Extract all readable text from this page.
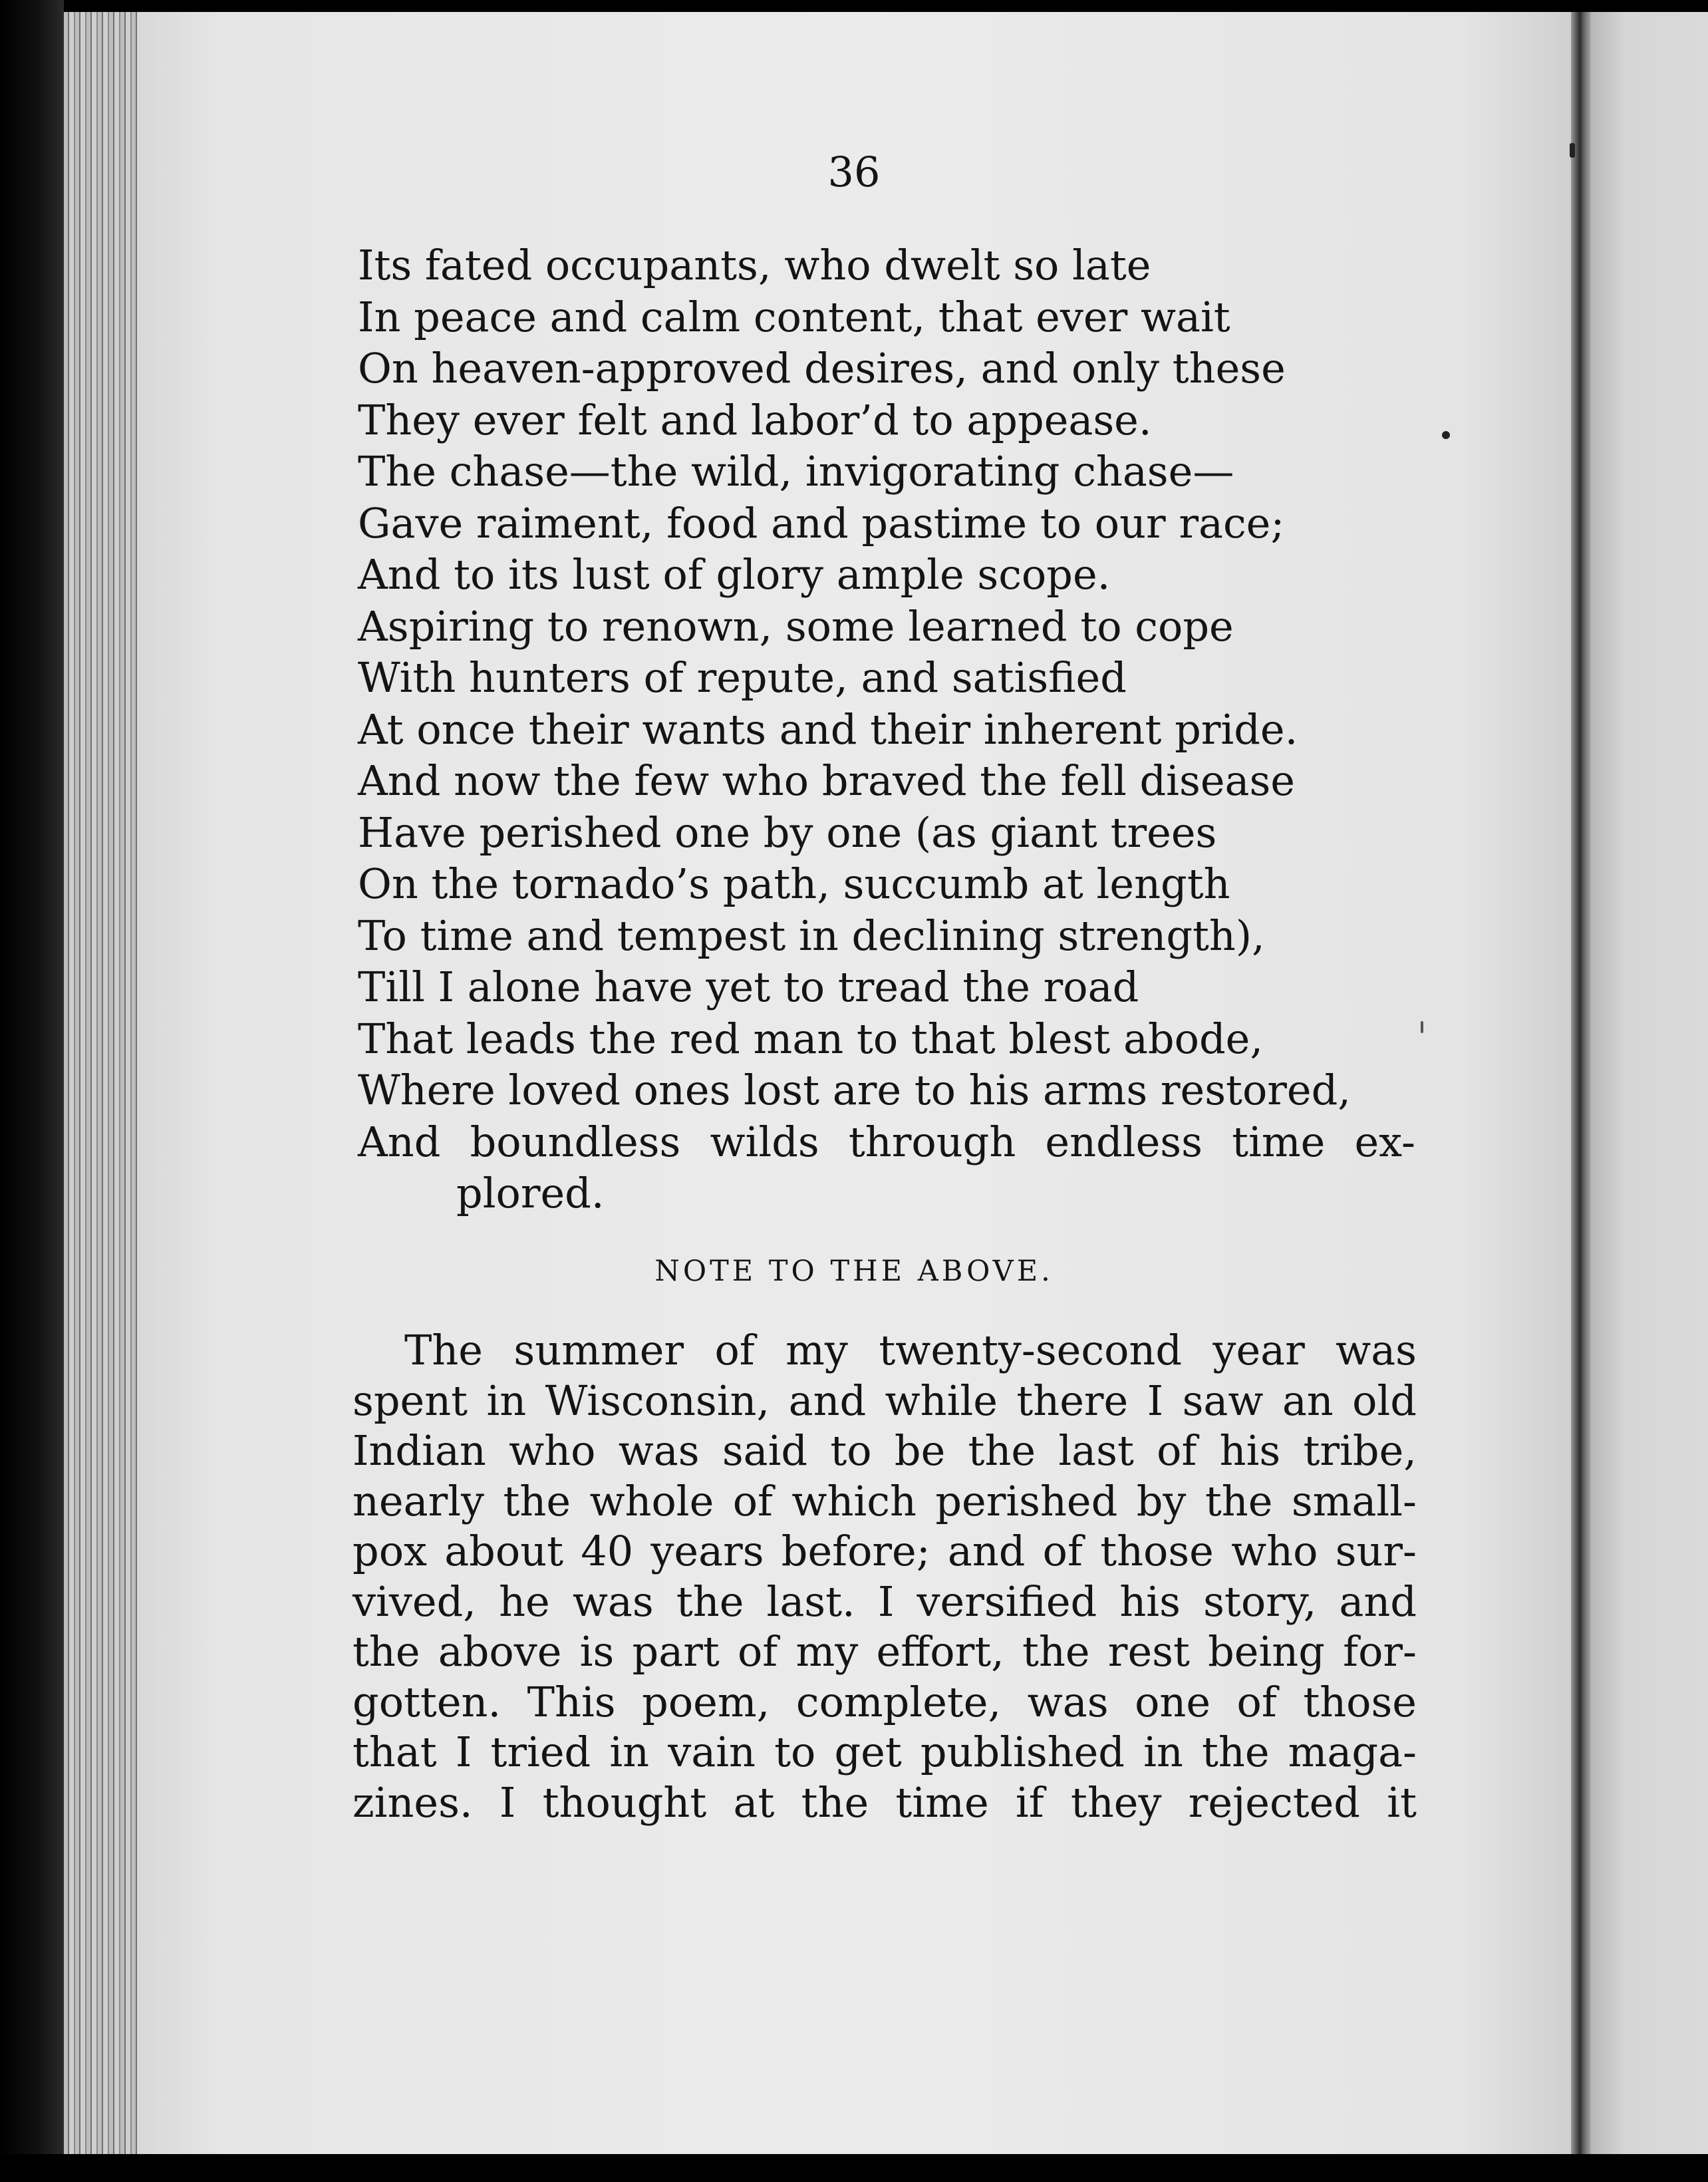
36
Its fated occupants, who dwelt so late
In peace and calm content, that ever wait
On heaven-approved desires, and only these
They ever felt and labor’d to appease.
The chase—the wild, invigorating chase—
Gave raiment, food and pastime to our race;
And to its lust of glory ample scope.
Aspiring to renown, some learned to cope
With hunters of repute, and satisfied
At once their wants and their inherent pride.
And now the few who braved the fell disease
Have perished one by one (as giant trees
On the tornado’s path, succumb at length
To time and tempest in declining strength),
Till I alone have yet to tread the road
That leads the red man to that blest abode,
Where loved ones lost are to his arms restored,
And boundless wilds through endless time ex-
plored.
NOTE TO THE ABOVE.
The summer of my twenty-second year was
spent in Wisconsin, and while there I saw an old
Indian who was said to be the last of his tribe,
nearly the whole of which perished by the small-
pox about 40 years before; and of those who sur-
vived, he was the last. I versified his story, and
the above is part of my effort, the rest being for-
gotten. This poem, complete, was one of those
that I tried in vain to get published in the maga-
zines. I thought at the time if they rejected it
